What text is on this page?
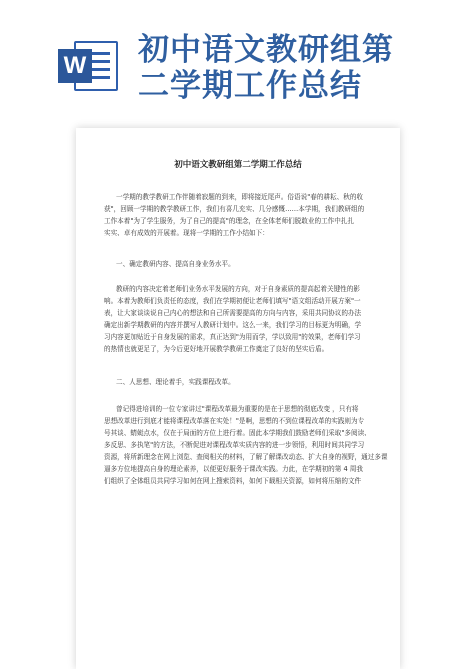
W 初中语文教研组第
二学期工作总结
初中语文教研组第二学期工作总结
一学期的教学教研工作伴随着寂题的到来，即将接近尾声。俗语说"春的耕耘、秋的收
获"，回顾一学期的教学教研工作，我们有喜几充实、几分感慨……本学期，我们教研组的
工作本着"为了学生服务，为了自己的提高"的理念，在全体老师们脱敢业的工作中扎扎
实实、卓有成效的开展着。现将一学期的工作小结如下：
一、确定教研内容、提高自身业务水平。
教研的内容决定着老师们业务水平发展的方向，对于自身素质的提高起着关键性的影
响。本着为教师们负责任的态度，我们在学期初便让老师们填写"语文组活动开展方案"一
表，让大家谈谈说自己内心的想法和自己所需要提高的方向与内容，采用共同协议的办法
确定出新学期教研的内容并撰写人教研计划中。这么一来，我们学习的目标更为明确，学
习内容更加贴近于自身发展的需求，真正达到"为用而学，学以致用"的效果，老师们学习
的热情也就更足了，为今后更好地开展教学教研工作奠定了良好的坚实后盾。
二、人思想、理论着手，实践课程改革。
曾记得进培训的一位专家讲过"课程改革最为重要的是在于思想的彻底改变 ，只有将
思想改革进行到底才能将课程改革落在实处！"是啊，思想的不到位课程改革的实践则为专
号其谈、蜻蜓点水，仅在于局面的方位上进行着。固此本学期我们鼓励老师们采取"多阅读、
多反思、多执笔"的方法，不断促进对课程改革实质内容的进一步领悟，利用时间共同学习
资源，将所新理念在网上浏览、查阅相关的材料，了解了解课改动态、扩大自身的视野，通过多课
逼多方位地提高自身的理论素养，以便更好服务于课改实践。力此，在学期初的第 4 周我
们组织了全体组员共同学习如何在网上搜索资料，如何下载相关资源，如何将压缩的文件
